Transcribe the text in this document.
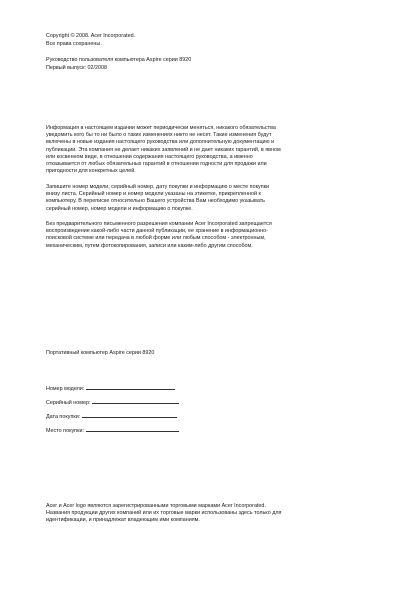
Copyright © 2008. Acer Incorporated.
Все права сохранены.
Руководство пользователя компьютера Aspire серии 8920
Первый выпуск: 02/2008

Информация в настоящем издании может периодически меняться, никакого обязательства

уведомить кого бы то ни было о таких изменениях никто не несет. Такие изменения будут

включены в новые издания настоящего руководства или дополнительную документацию и

публикации. Эта компания не делает никаких заявлений и не дает никаких гарантий, в явном

или косвенном виде, в отношении содержания настоящего руководства, а именно

отказывается от любых обязательных гарантий в отношении годности для продажи или

пригодности для конкретных целей.

Запишите номер модели, серийный номер, дату покупки и информацию о месте покупки

внизу листа. Серийный номер и номер модели указаны на этикетке, прикрепленной к

компьютеру. В переписке относительно Вашего устройства Вам необходимо указывать

серийный номер, номер модели и информацию о покупке.

Без предварительного письменного разрешения компании Acer Incorporated запрещается

воспроизведение какой-либо части данной публикации, ее хранение в информационно-

поисковой системе или передача в любой форме или любым способом - электронным,

механическим, путем фотокопирования, записи или каким-либо другим способом.

Портативный компьютер Aspire серии 8920
Номер модели:
Серийный номер:
Дата покупки:
Место покупки:

Acer и Acer logo являются зарегистрированными торговыми марками Acer Incorporated.

Названия продукции других компаний или их торговые марки использованы здесь только для

идентификации, и принадлежат владеющим ими компаниям.
